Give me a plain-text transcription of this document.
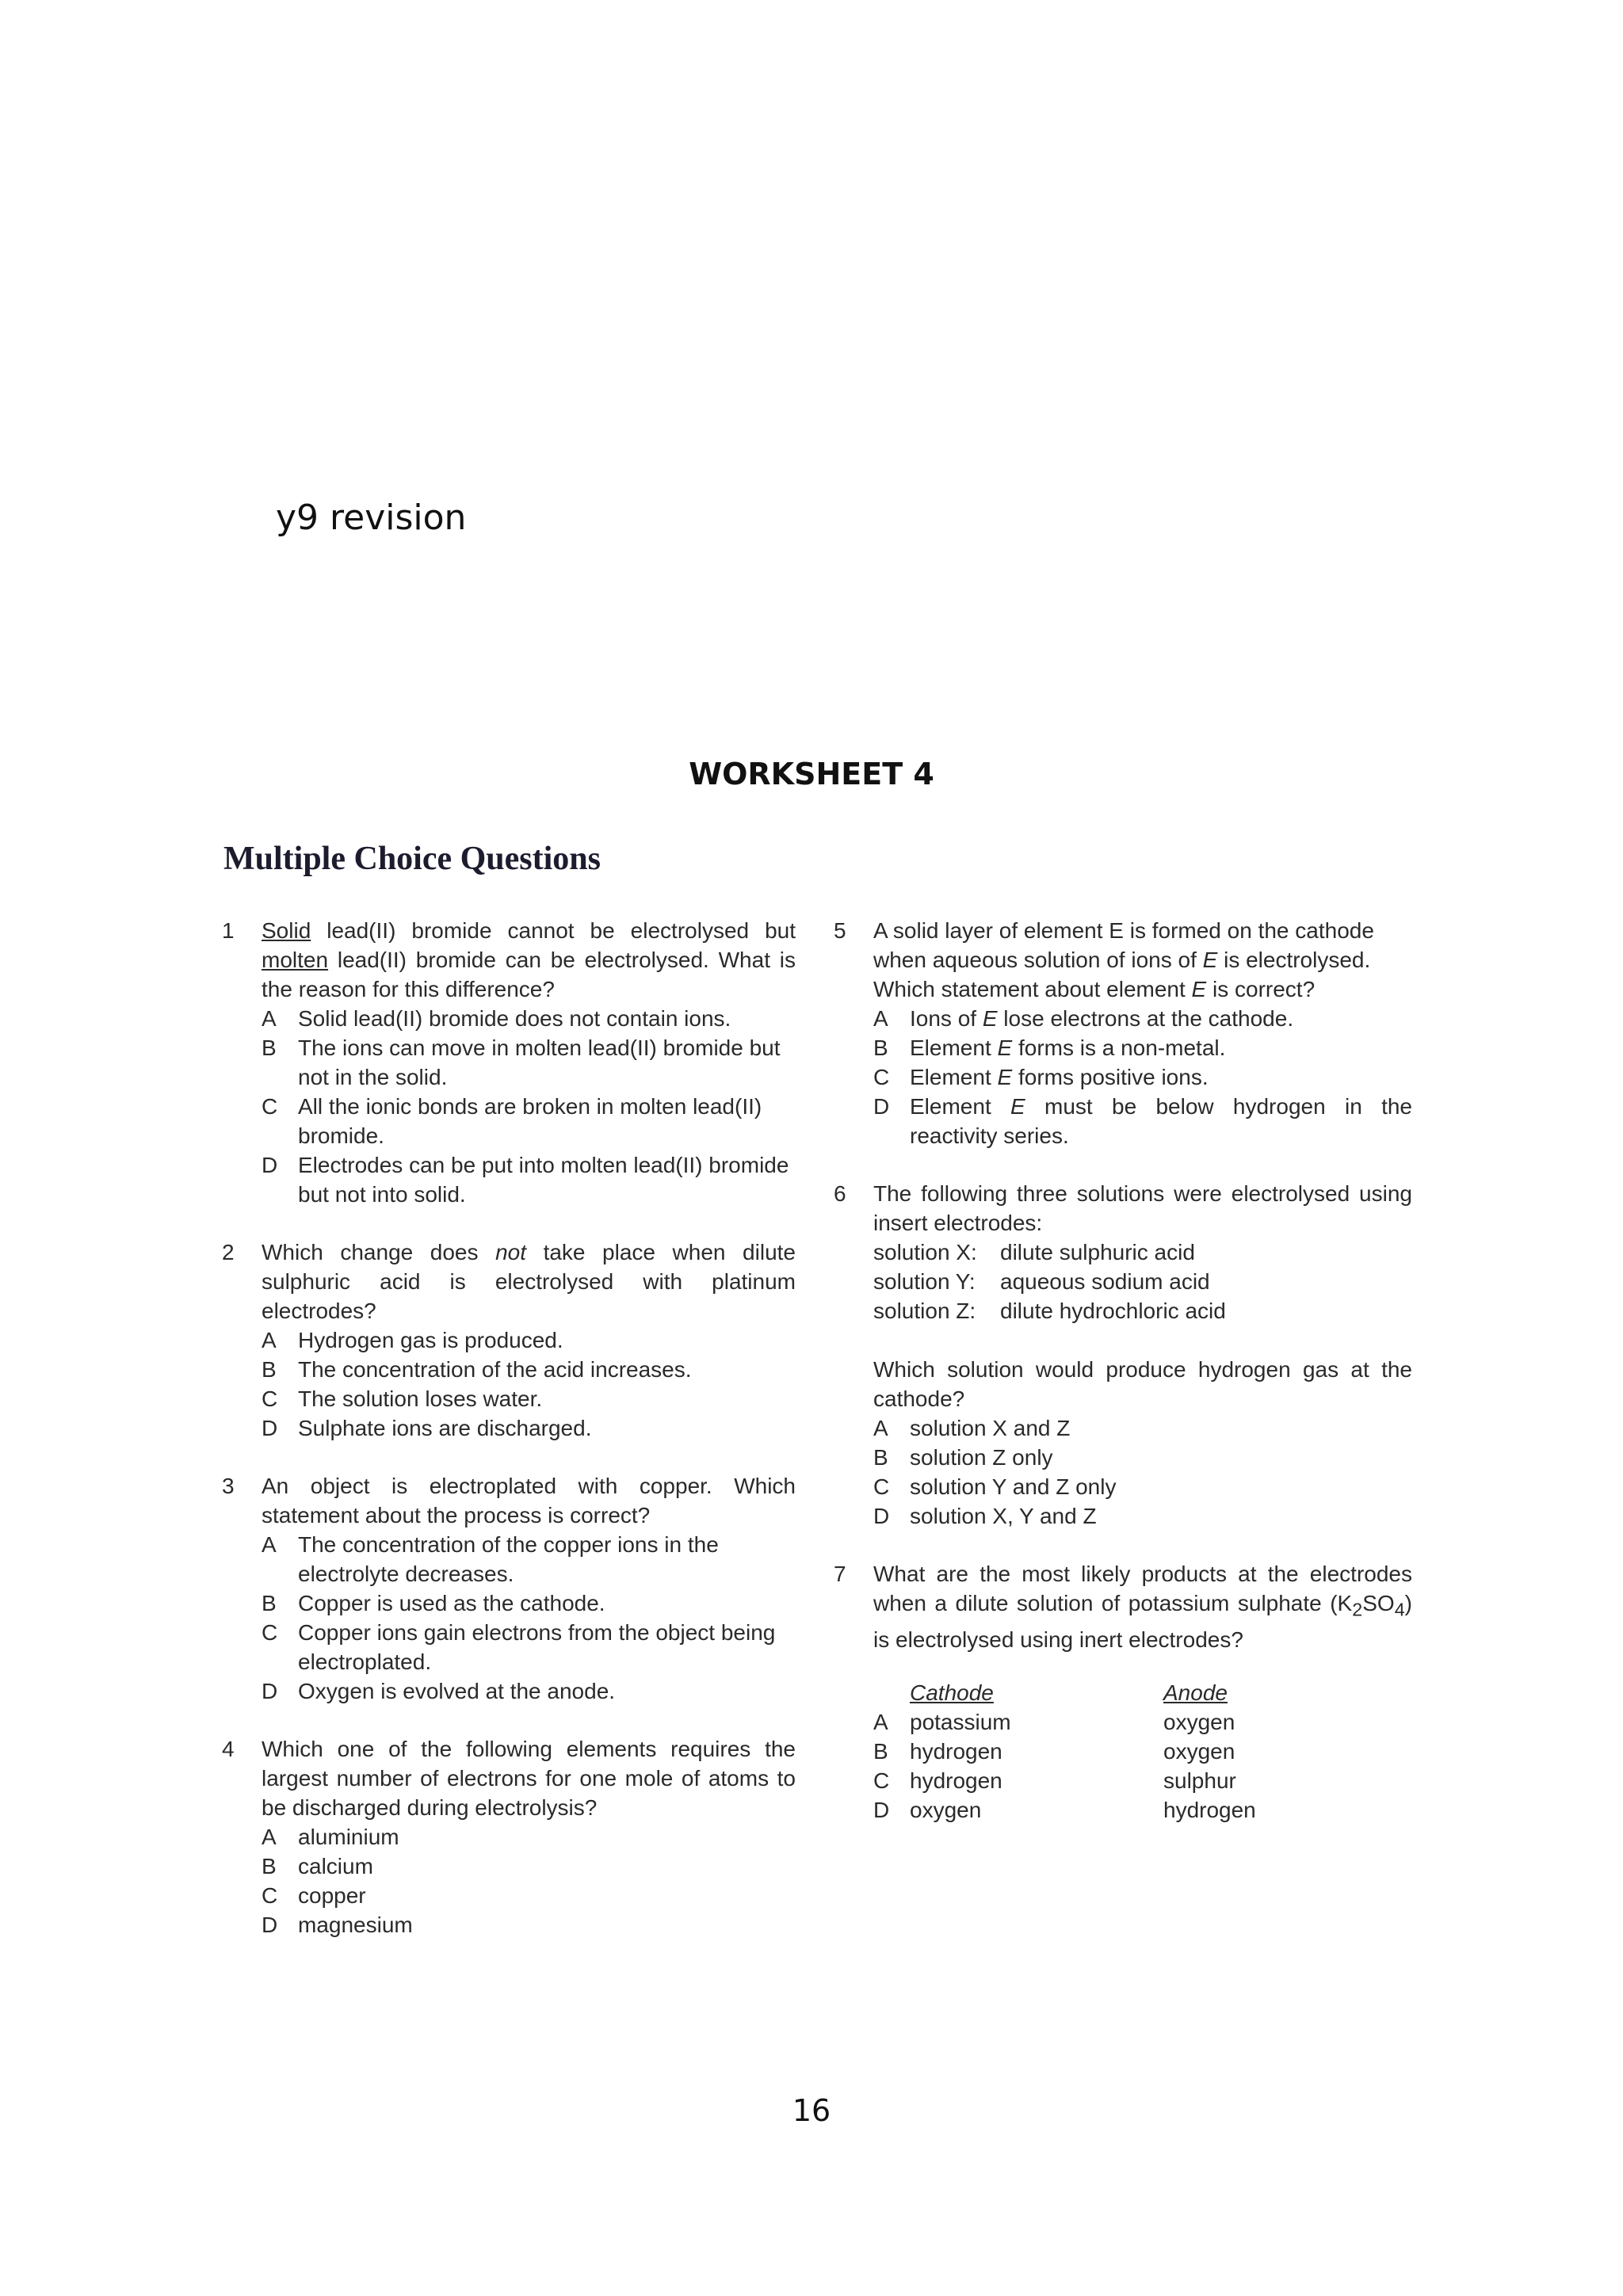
y9 revision
WORKSHEET 4
Multiple Choice Questions
1	Solid lead(II) bromide cannot be electrolysed but molten lead(II) bromide can be electrolysed. What is the reason for this difference?
A Solid lead(II) bromide does not contain ions.
B The ions can move in molten lead(II) bromide but not in the solid.
C All the ionic bonds are broken in molten lead(II) bromide.
D Electrodes can be put into molten lead(II) bromide but not into solid.
2	Which change does not take place when dilute sulphuric acid is electrolysed with platinum electrodes?
A Hydrogen gas is produced.
B The concentration of the acid increases.
C The solution loses water.
D Sulphate ions are discharged.
3	An object is electroplated with copper. Which statement about the process is correct?
A The concentration of the copper ions in the electrolyte decreases.
B Copper is used as the cathode.
C Copper ions gain electrons from the object being electroplated.
D Oxygen is evolved at the anode.
4	Which one of the following elements requires the largest number of electrons for one mole of atoms to be discharged during electrolysis?
A aluminium
B calcium
C copper
D magnesium
5	A solid layer of element E is formed on the cathode
when aqueous solution of ions of E is electrolysed.
Which statement about element E is correct?
A Ions of E lose electrons at the cathode.
B Element E forms is a non-metal.
C Element E forms positive ions.
D Element E must be below hydrogen in the reactivity series.
6	The following three solutions were electrolysed using insert electrodes:
solution X:	dilute sulphuric acid
solution Y:	aqueous sodium acid
solution Z:	dilute hydrochloric acid
Which solution would produce hydrogen gas at the cathode?
A solution X and Z
B solution Z only
C solution Y and Z only
D solution X, Y and Z
7	What are the most likely products at the electrodes when a dilute solution of potassium sulphate $(K_2SO_4)$ is electrolysed using inert electrodes?
Cathode	Anode
A potassium	oxygen
B hydrogen	oxygen
C hydrogen	sulphur
D oxygen	hydrogen
16
